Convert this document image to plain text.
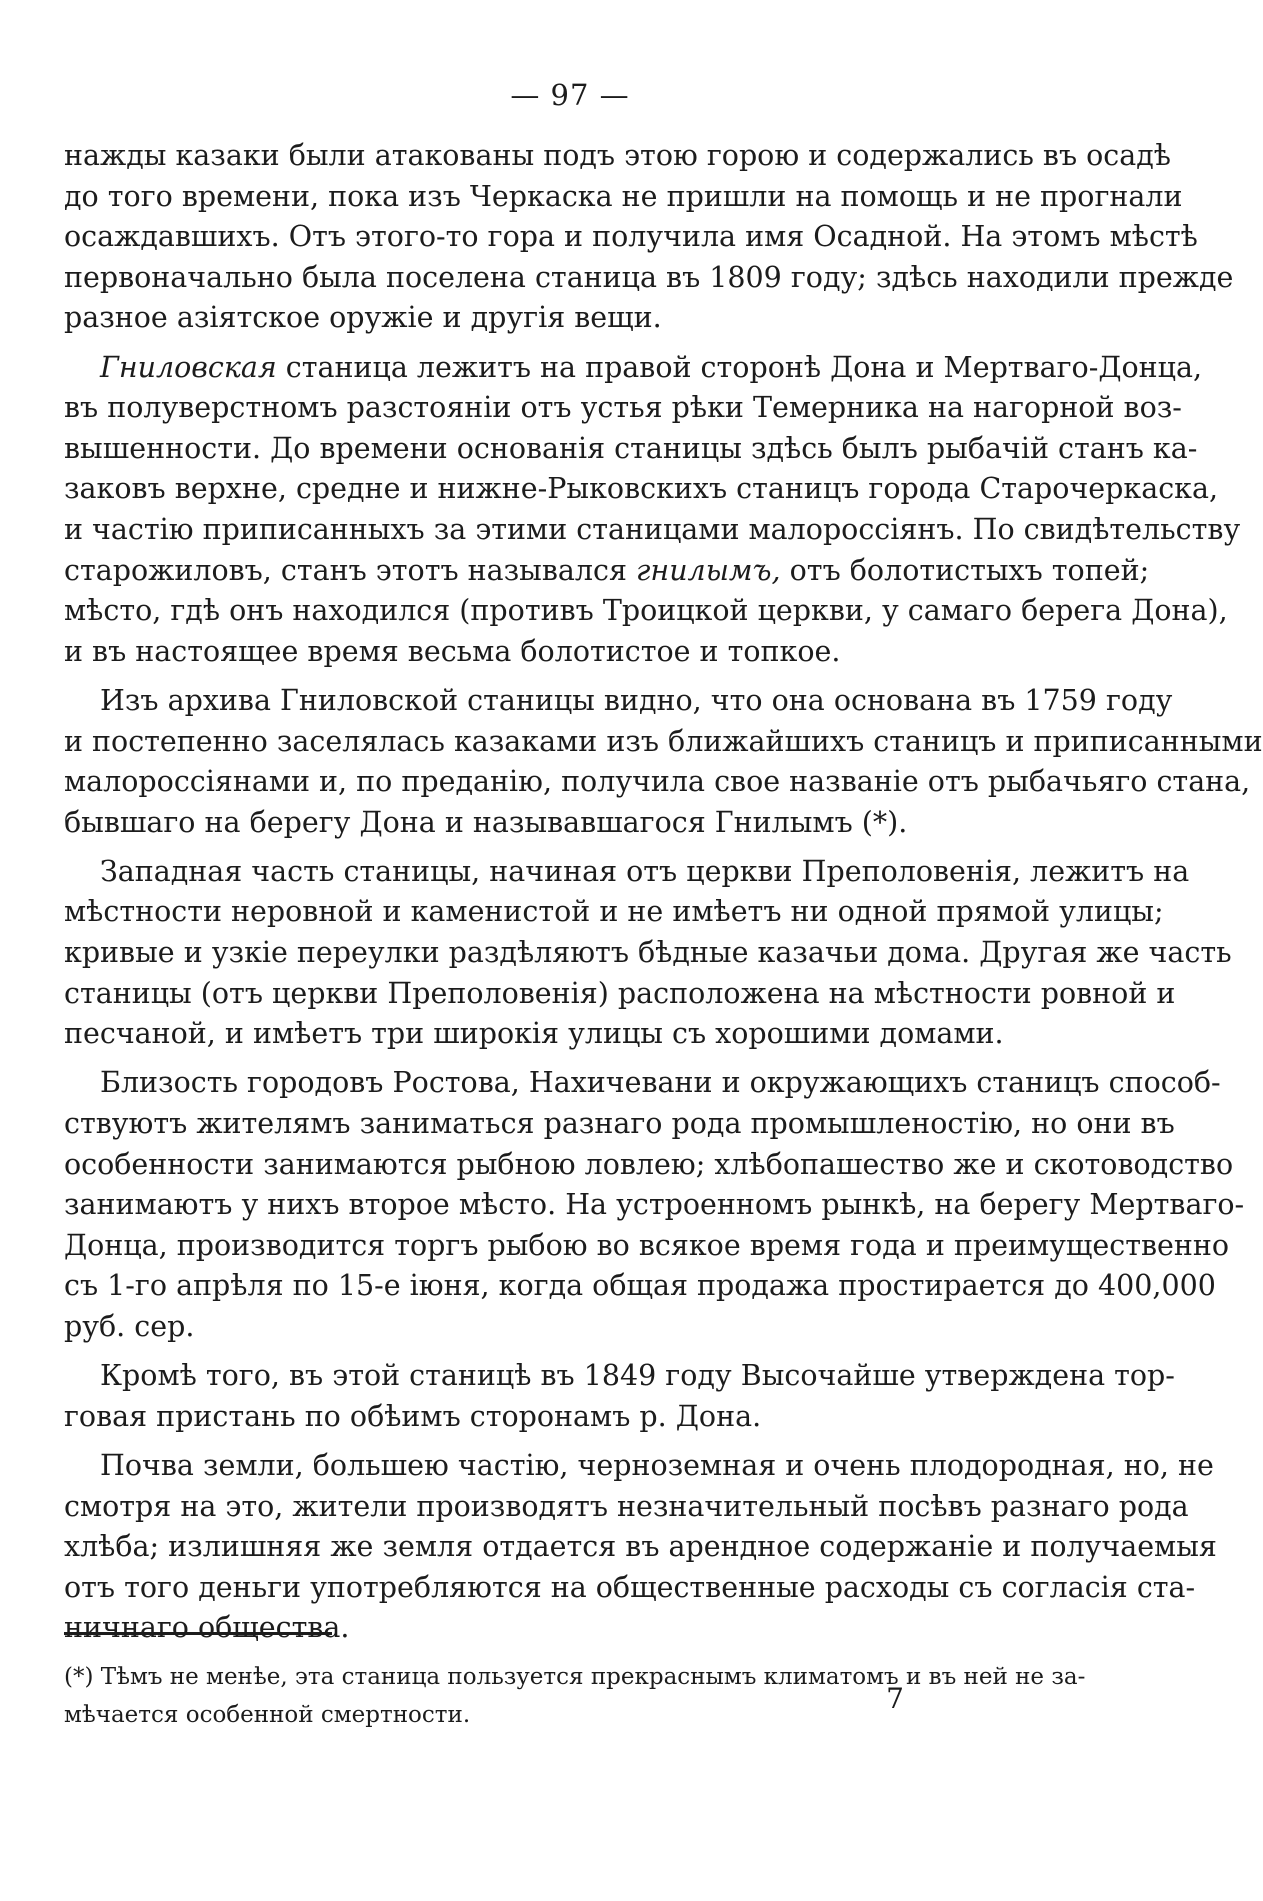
— 97 —
нажды казаки были атакованы подъ этою горою и содержались въ осадѣ
до того времени, пока изъ Черкаска не пришли на помощь и не прогнали
осаждавшихъ. Отъ этого-то гора и получила имя Осадной. На этомъ мѣстѣ
первоначально была поселена станица въ 1809 году; здѣсь находили прежде
разное азіятское оружіе и другія вещи.
Гниловская станица лежитъ на правой сторонѣ Дона и Мертваго-Донца,
въ полуверстномъ разстояніи отъ устья рѣки Темерника на нагорной воз-
вышенности. До времени основанія станицы здѣсь былъ рыбачій станъ ка-
заковъ верхне, средне и нижне-Рыковскихъ станицъ города Старочеркаска,
и частію приписанныхъ за этими станицами малороссіянъ. По свидѣтельству
старожиловъ, станъ этотъ назывался гнилымъ, отъ болотистыхъ топей;
мѣсто, гдѣ онъ находился (противъ Троицкой церкви, у самаго берега Дона),
и въ настоящее время весьма болотистое и топкое.
Изъ архива Гниловской станицы видно, что она основана въ 1759 году
и постепенно заселялась казаками изъ ближайшихъ станицъ и приписанными
малороссіянами и, по преданію, получила свое названіе отъ рыбачьяго стана,
бывшаго на берегу Дона и называвшагося Гнилымъ (*).
Западная часть станицы, начиная отъ церкви Преполовенія, лежитъ на
мѣстности неровной и каменистой и не имѣетъ ни одной прямой улицы;
кривые и узкіе переулки раздѣляютъ бѣдные казачьи дома. Другая же часть
станицы (отъ церкви Преполовенія) расположена на мѣстности ровной и
песчаной, и имѣетъ три широкія улицы съ хорошими домами.
Близость городовъ Ростова, Нахичевани и окружающихъ станицъ способ-
ствуютъ жителямъ заниматься разнаго рода промышленостію, но они въ
особенности занимаются рыбною ловлею; хлѣбопашество же и скотоводство
занимаютъ у нихъ второе мѣсто. На устроенномъ рынкѣ, на берегу Мертваго-
Донца, производится торгъ рыбою во всякое время года и преимущественно
съ 1-го апрѣля по 15-е іюня, когда общая продажа простирается до 400,000
руб. сер.
Кромѣ того, въ этой станицѣ въ 1849 году Высочайше утверждена тор-
говая пристань по обѣимъ сторонамъ р. Дона.
Почва земли, большею частію, черноземная и очень плодородная, но, не
смотря на это, жители производятъ незначительный посѣвъ разнаго рода
хлѣба; излишняя же земля отдается въ арендное содержаніе и получаемыя
отъ того деньги употребляются на общественные расходы съ согласія ста-
ничнаго общества.
(*) Тѣмъ не менѣе, эта станица пользуется прекраснымъ климатомъ и въ ней не за-
мѣчается особенной смертности.	7
